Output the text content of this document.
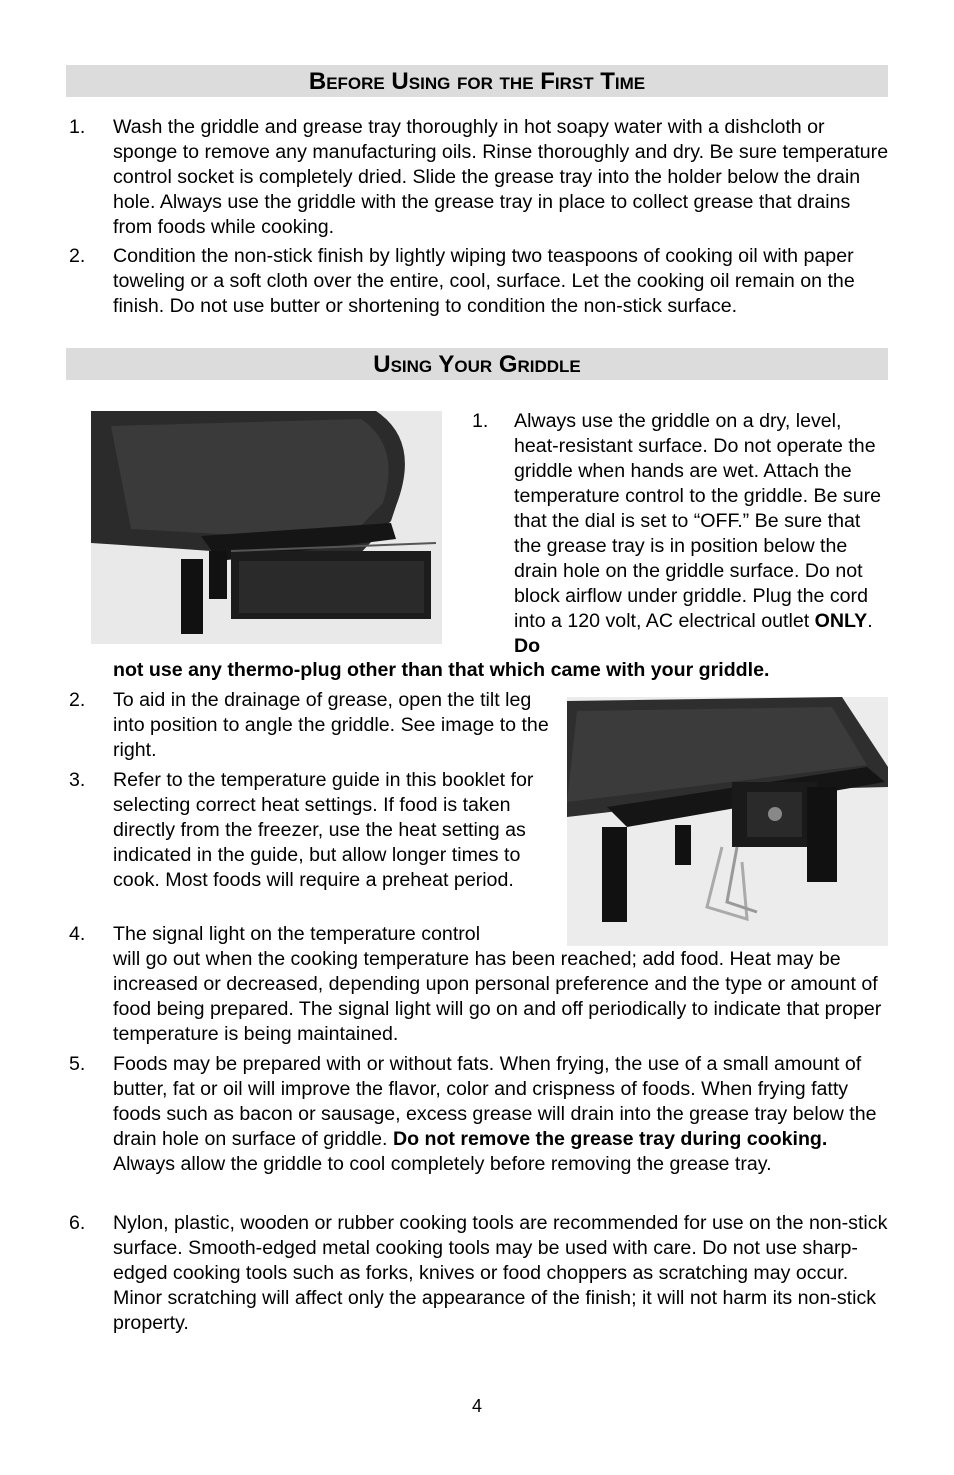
Before Using for the First Time
1. Wash the griddle and grease tray thoroughly in hot soapy water with a dishcloth or sponge to remove any manufacturing oils. Rinse thoroughly and dry. Be sure temperature control socket is completely dried. Slide the grease tray into the holder below the drain hole. Always use the griddle with the grease tray in place to collect grease that drains from foods while cooking.
2. Condition the non-stick finish by lightly wiping two teaspoons of cooking oil with paper toweling or a soft cloth over the entire, cool, surface. Let the cooking oil remain on the finish. Do not use butter or shortening to condition the non-stick surface.
Using Your Griddle
1. Always use the griddle on a dry, level, heat-resistant surface. Do not operate the griddle when hands are wet. Attach the temperature control to the griddle. Be sure that the dial is set to “OFF.” Be sure that the grease tray is in position below the drain hole on the griddle surface. Do not block airflow under griddle. Plug the cord into a 120 volt, AC electrical outlet ONLY. Do
not use any thermo-plug other than that which came with your griddle.
2. To aid in the drainage of grease, open the tilt leg into position to angle the griddle. See image to the right.
3. Refer to the temperature guide in this booklet for selecting correct heat settings. If food is taken directly from the freezer, use the heat setting as indicated in the guide, but allow longer times to cook. Most foods will require a preheat period.
4. The signal light on the temperature control
will go out when the cooking temperature has been reached; add food. Heat may be increased or decreased, depending upon personal preference and the type or amount of food being prepared. The signal light will go on and off periodically to indicate that proper temperature is being maintained.
5. Foods may be prepared with or without fats. When frying, the use of a small amount of butter, fat or oil will improve the flavor, color and crispness of foods. When frying fatty foods such as bacon or sausage, excess grease will drain into the grease tray below the drain hole on surface of griddle. Do not remove the grease tray during cooking. Always allow the griddle to cool completely before removing the grease tray.
6. Nylon, plastic, wooden or rubber cooking tools are recommended for use on the non-stick surface. Smooth-edged metal cooking tools may be used with care. Do not use sharp-edged cooking tools such as forks, knives or food choppers as scratching may occur. Minor scratching will affect only the appearance of the finish; it will not harm its non-stick property.
4
